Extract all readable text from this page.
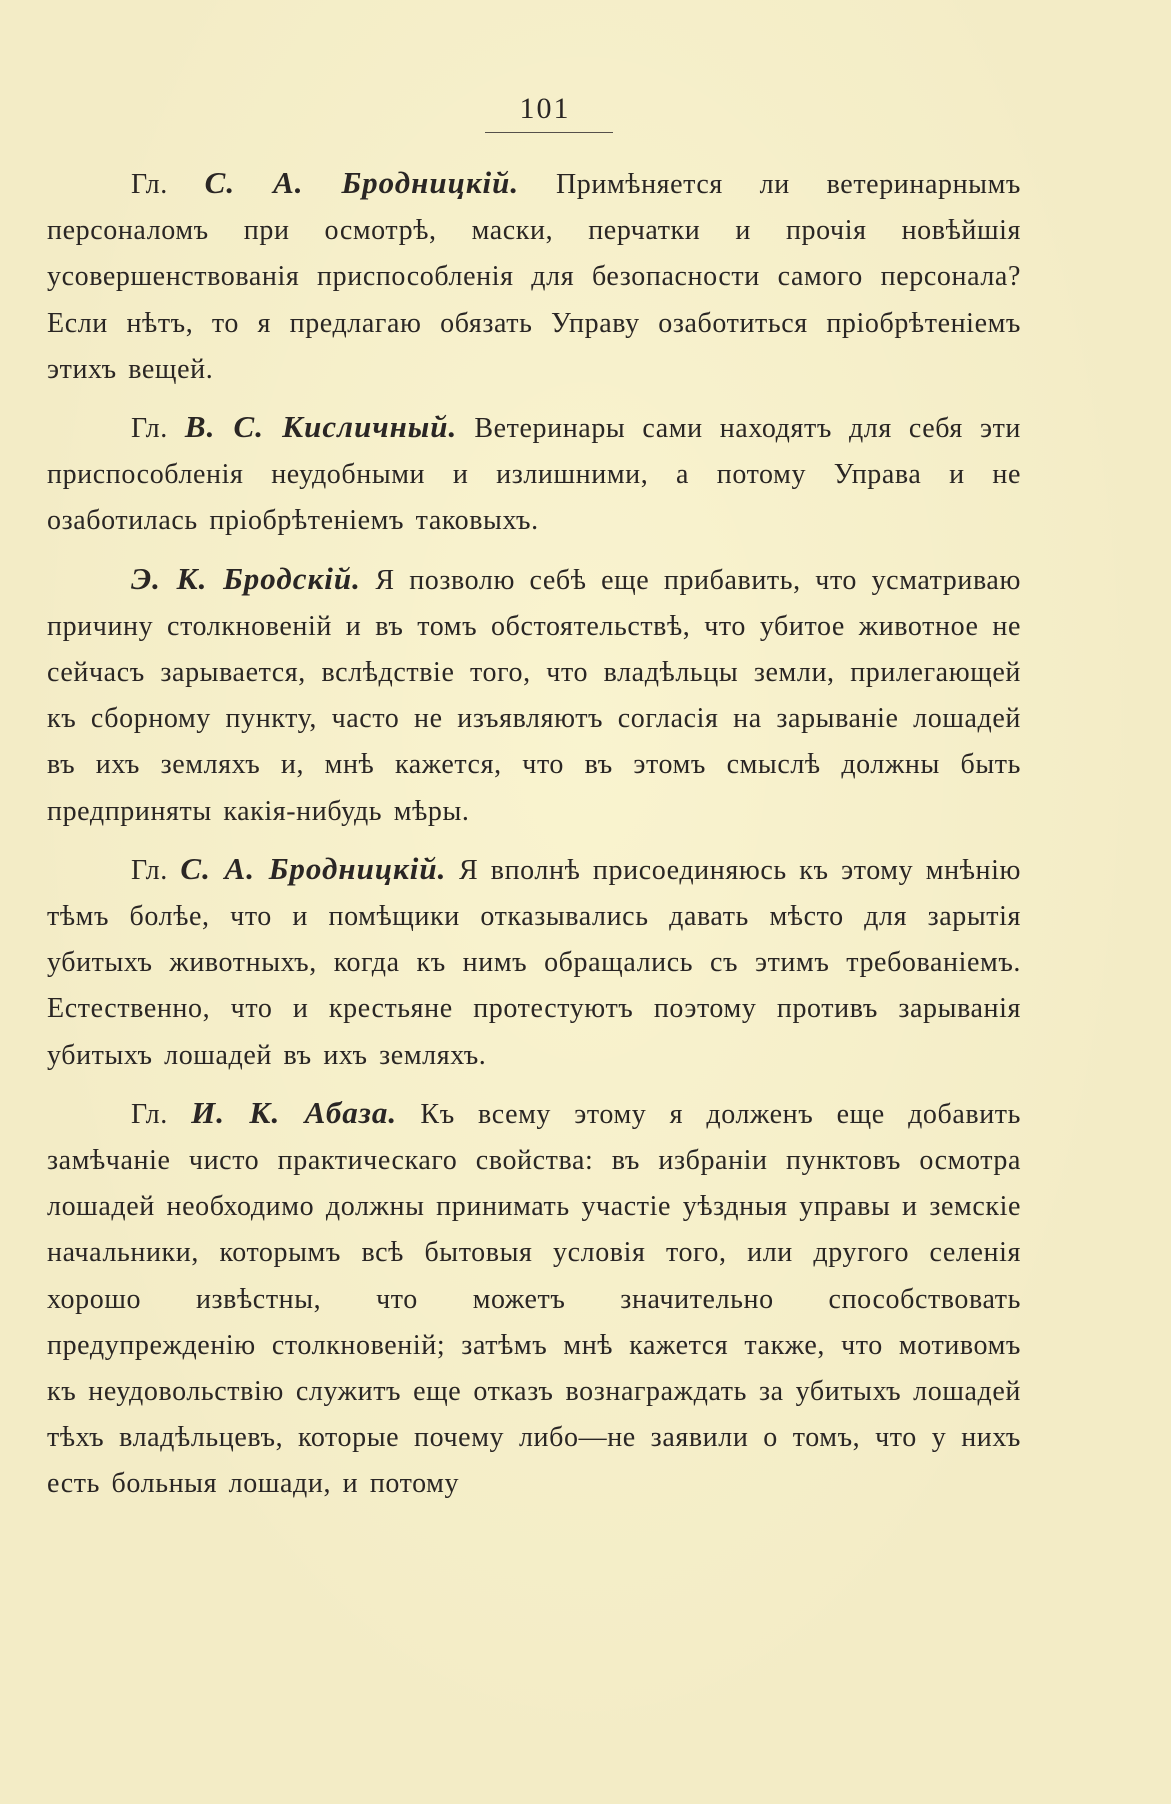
101

Гл. С. А. Бродницкій. Примѣняется ли ветеринарнымъ персоналомъ при осмотрѣ, маски, перчатки и прочія новѣйшія усовершенствованія приспособленія для безопасности самого персонала? Если нѣтъ, то я предлагаю обязать Управу озаботиться пріобрѣтеніемъ этихъ вещей.

Гл. В. С. Кисличный. Ветеринары сами находятъ для себя эти приспособленія неудобными и излишними, а потому Управа и не озаботилась пріобрѣтеніемъ таковыхъ.

Э. К. Бродскій. Я позволю себѣ еще прибавить, что усматриваю причину столкновеній и въ томъ обстоятельствѣ, что убитое животное не сейчасъ зарывается, вслѣдствіе того, что владѣльцы земли, прилегающей къ сборному пункту, часто не изъявляютъ согласія на зарываніе лошадей въ ихъ земляхъ и, мнѣ кажется, что въ этомъ смыслѣ должны быть предприняты какія-нибудь мѣры.

Гл. С. А. Бродницкій. Я вполнѣ присоединяюсь къ этому мнѣнію тѣмъ болѣе, что и помѣщики отказывались давать мѣсто для зарытія убитыхъ животныхъ, когда къ нимъ обращались съ этимъ требованіемъ. Естественно, что и крестьяне протестуютъ поэтому противъ зарыванія убитыхъ лошадей въ ихъ земляхъ.

Гл. И. К. Абаза. Къ всему этому я долженъ еще добавить замѣчаніе чисто практическаго свойства: въ избраніи пунктовъ осмотра лошадей необходимо должны принимать участіе уѣздныя управы и земскіе начальники, которымъ всѣ бытовыя условія того, или другого селенія хорошо извѣстны, что можетъ значительно способствовать предупрежденію столкновеній; затѣмъ мнѣ кажется также, что мотивомъ къ неудовольствію служитъ еще отказъ вознаграждать за убитыхъ лошадей тѣхъ владѣльцевъ, которые почему либо—не заявили о томъ, что у нихъ есть больныя лошади, и потому
